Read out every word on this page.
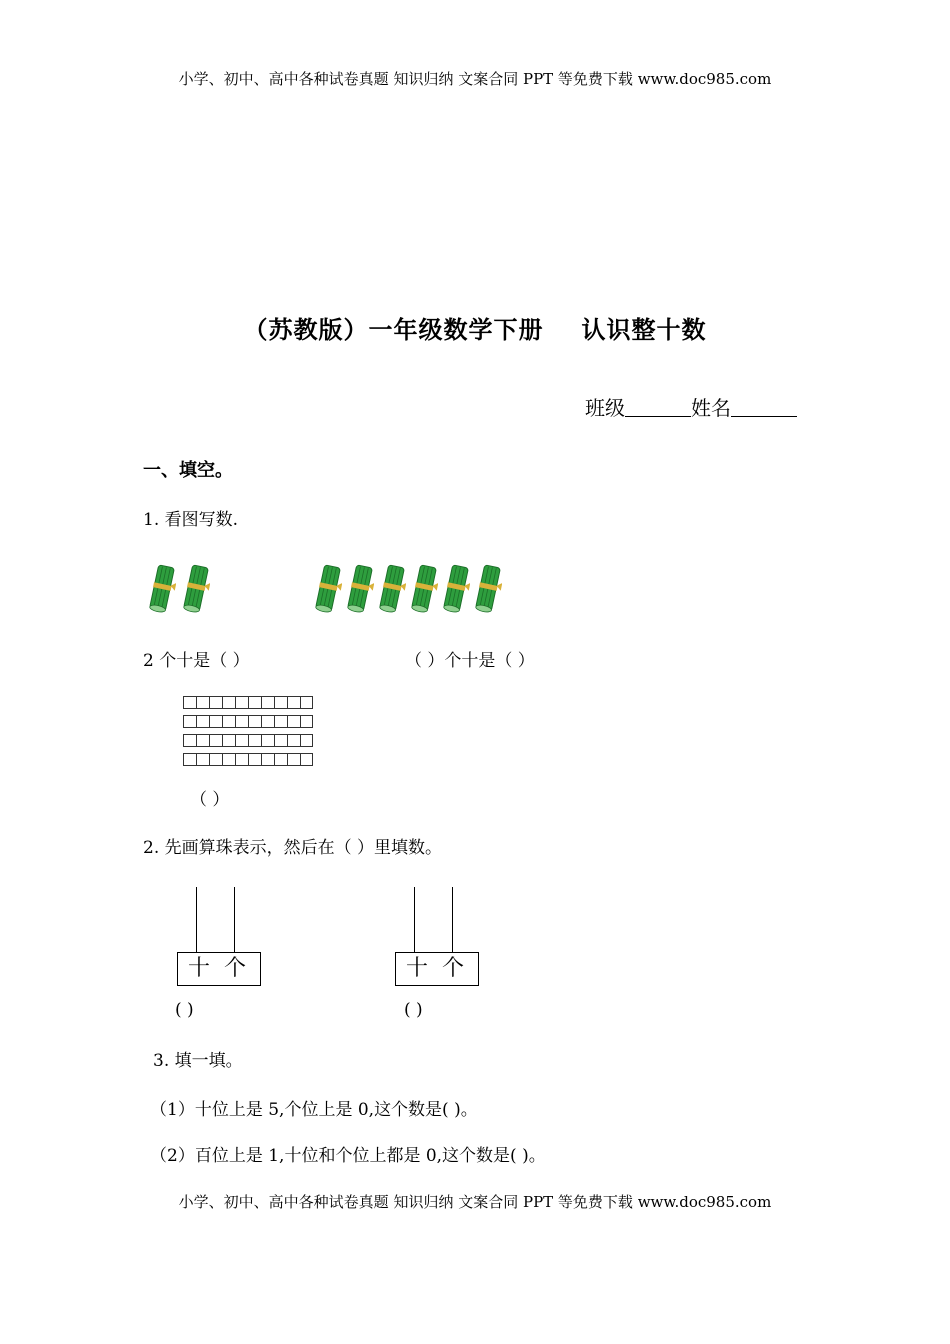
小学、初中、高中各种试卷真题 知识归纳 文案合同 PPT 等免费下载 www.doc985.com
（苏教版）一年级数学下册 认识整十数
班级	姓名
一、填空。
1. 看图写数.
2 个十是（ ）	（ ）个十是（ ）
（ ）
2. 先画算珠表示，然后在（ ）里填数。
十 个
( )
十 个
( )
3. 填一填。
（1）十位上是 5,个位上是 0,这个数是( )。
（2）百位上是 1,十位和个位上都是 0,这个数是( )。
小学、初中、高中各种试卷真题 知识归纳 文案合同 PPT 等免费下载 www.doc985.com
